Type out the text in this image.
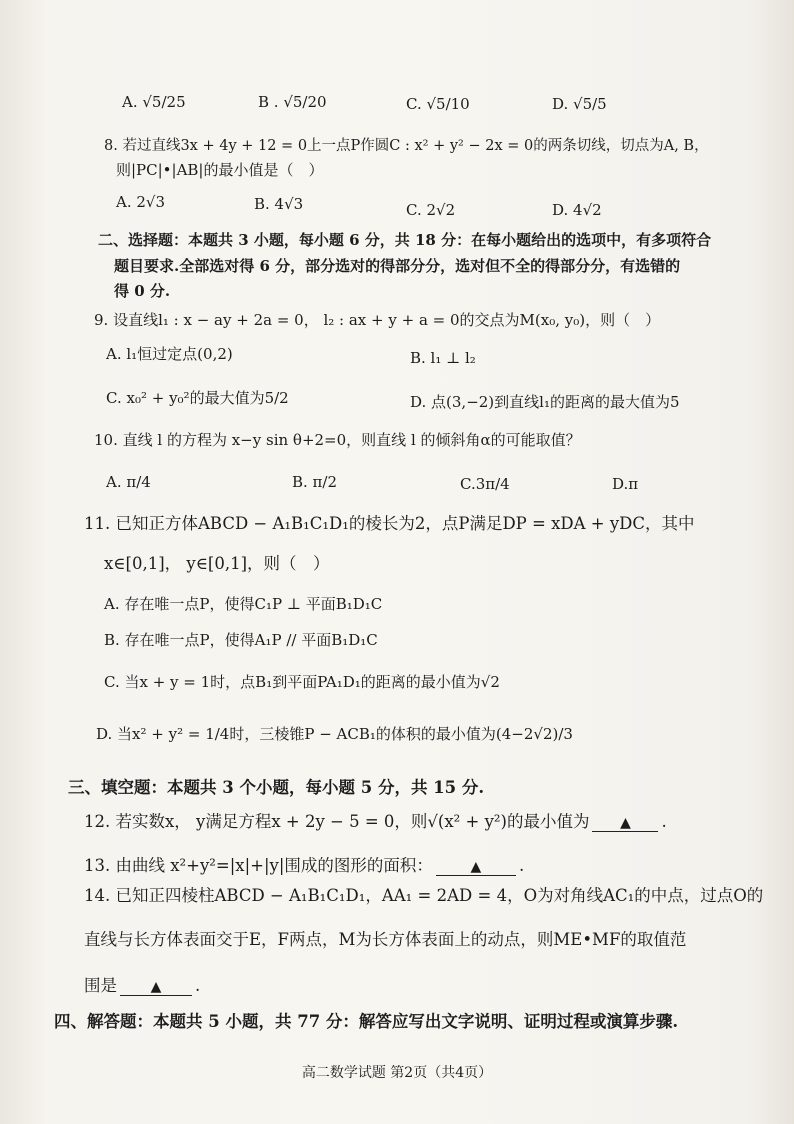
A. √5/25	B . √5/20	C. √5/10	D. √5/5
8. 若过直线3x + 4y + 12 = 0上一点P作圆C : x² + y² − 2x = 0的两条切线，切点为A, B，
则|PC|•|AB|的最小值是（　）
A. 2√3	B. 4√3	C. 2√2	D. 4√2
二、选择题：本题共 3 小题，每小题 6 分，共 18 分：在每小题给出的选项中，有多项符合
题目要求.全部选对得 6 分，部分选对的得部分分，选对但不全的得部分分，有选错的
得 0 分.
9. 设直线l₁ : x − ay + 2a = 0， l₂ : ax + y + a = 0的交点为M(x₀, y₀)，则（　）
A. l₁恒过定点(0,2)	B. l₁ ⊥ l₂
C. x₀² + y₀²的最大值为5/2	D. 点(3,−2)到直线l₁的距离的最大值为5
10. 直线 l 的方程为 x−y sin θ+2=0，则直线 l 的倾斜角α的可能取值？
A. π/4	B. π/2	C.3π/4	D.π
11. 已知正方体ABCD − A₁B₁C₁D₁的棱长为2，点P满足DP = xDA + yDC，其中
x∈[0,1]， y∈[0,1]，则（　）
A. 存在唯一点P，使得C₁P ⊥ 平面B₁D₁C
B. 存在唯一点P，使得A₁P // 平面B₁D₁C
C. 当x + y = 1时，点B₁到平面PA₁D₁的距离的最小值为√2
D. 当x² + y² = 1/4时，三棱锥P − ACB₁的体积的最小值为(4−2√2)/3
三、填空题：本题共 3 个小题，每小题 5 分，共 15 分.
12. 若实数x， y满足方程x + 2y − 5 = 0，则√(x² + y²)的最小值为 ▲ .
13. 由曲线 x²+y²=|x|+|y|围成的图形的面积：	▲ .
14. 已知正四棱柱ABCD − A₁B₁C₁D₁，AA₁ = 2AD = 4，O为对角线AC₁的中点，过点O的
直线与长方体表面交于E，F两点，M为长方体表面上的动点，则ME•MF的取值范
围是 ▲ .
四、解答题：本题共 5 小题，共 77 分：解答应写出文字说明、证明过程或演算步骤.
高二数学试题 第2页（共4页）
